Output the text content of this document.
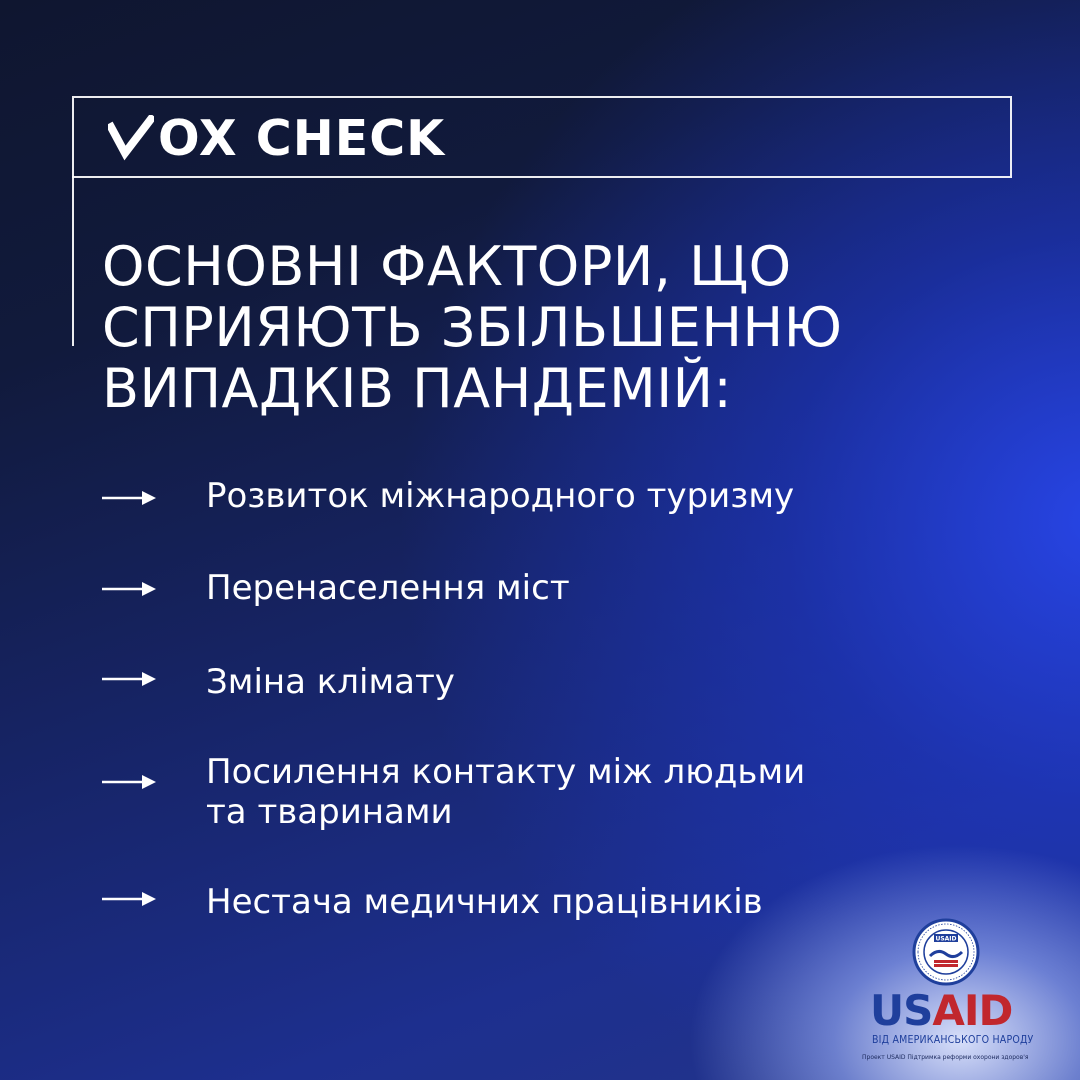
OX CHECK
ОСНОВНІ ФАКТОРИ, ЩО
СПРИЯЮТЬ ЗБІЛЬШЕННЮ
ВИПАДКІВ ПАНДЕМІЙ:
Розвиток міжнародного туризму
Перенаселення міст
Зміна клімату
Посилення контакту між людьми
та тваринами
Нестача медичних працівників
USAID
USAID
ВІД АМЕРИКАНСЬКОГО НАРОДУ
Проект USAID Підтримка реформи охорони здоров'я
